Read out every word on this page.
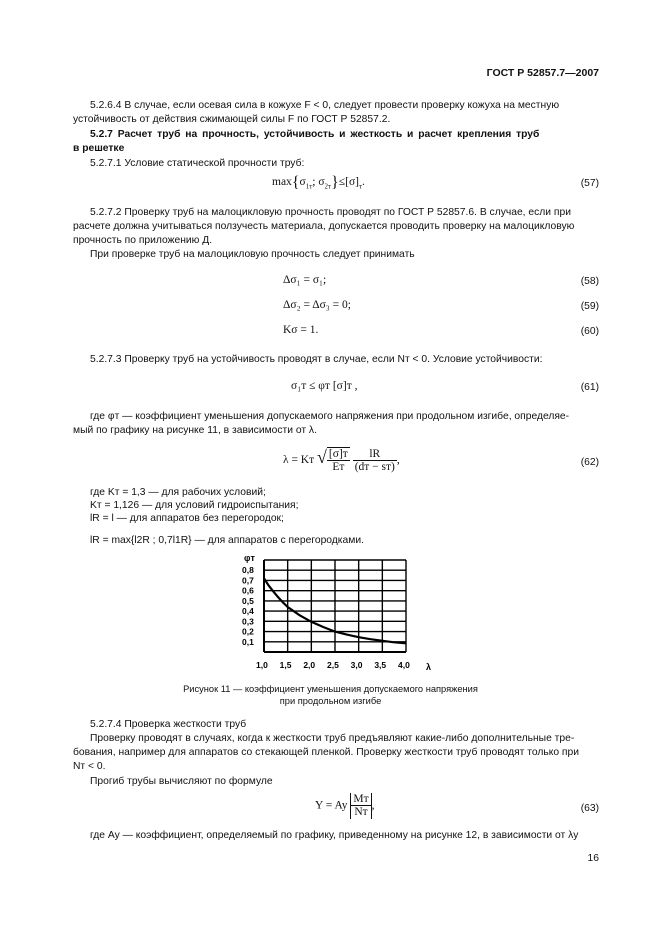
ГОСТ Р 52857.7—2007
5.2.6.4 В случае, если осевая сила в кожухе F < 0, следует провести проверку кожуха на местную
устойчивость от действия сжимающей силы F по ГОСТ Р 52857.2.
5.2.7 Расчет труб на прочность, устойчивость и жесткость и расчет крепления труб
в решетке
5.2.7.1 Условие статической прочности труб:
$\max\{\sigma_{1т}$; $\sigma_{2т}\}\le[\sigma]_т$.	(57)
5.2.7.2 Проверку труб на малоцикловую прочность проводят по ГОСТ Р 52857.6. В случае, если при
расчете должна учитываться ползучесть материала, допускается проводить проверку на малоцикловую
прочность по приложению Д.
При проверке труб на малоцикловую прочность следует принимать
Δσ₁ = σ₁;	(58)
Δσ₂ = Δσ₃ = 0;	(59)
Kσ = 1.	(60)
5.2.7.3 Проверку труб на устойчивость проводят в случае, если Nт < 0. Условие устойчивости:
σ₁т ≤ φт [σ]т ,	(61)
где φт — коэффициент уменьшения допускаемого напряжения при продольном изгибе, определяе-
мый по графику на рисунке 11, в зависимости от λ.
λ = Kт √ $\frac{[\sigma]т}{Eт}$
$\frac{lR}{(dт - sт)}$ ,	(62)
где Kт = 1,3 — для рабочих условий;
Kт = 1,126 — для условий гидроиспытания;
lR = l — для аппаратов без перегородок;
lR = max{l2R ; 0,7l1R} — для аппаратов с перегородками.
0,1
0,2
0,3
0,4
0,5
0,6
0,7
0,8
1,0 1,5 2,0 2,5 3,0 3,5 4,0
φт
λ
Рисунок 11 — коэффициент уменьшения допускаемого напряжения
при продольном изгибе
5.2.7.4 Проверка жесткости труб
Проверку проводят в случаях, когда к жесткости труб предъявляют какие-либо дополнительные тре-
бования, например для аппаратов со стекающей пленкой. Проверку жесткости труб проводят только при
Nт < 0.
Прогиб трубы вычисляют по формуле
Y = Ay $\frac{Mт}{Nт}$ ,	(63)
где Ay — коэффициент, определяемый по графику, приведенному на рисунке 12, в зависимости от λy
16
